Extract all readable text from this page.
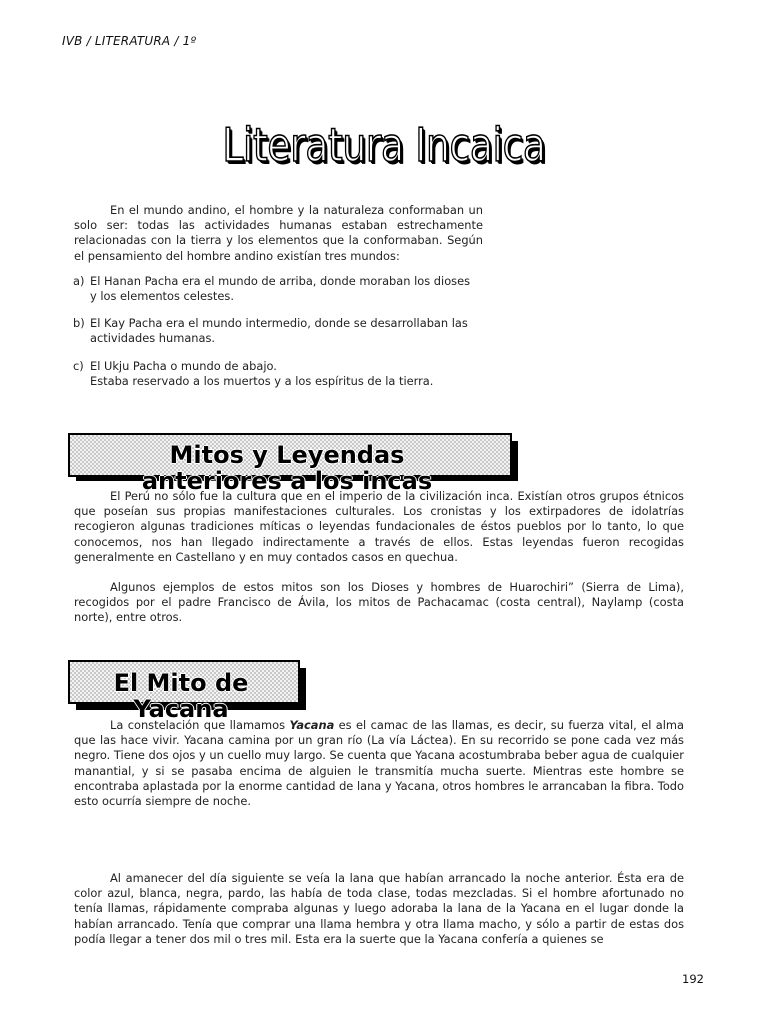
IVB / LITERATURA / 1º
Literatura Incaica

En el mundo andino, el hombre y la naturaleza conformaban un solo ser: todas las actividades humanas estaban estrechamente relacionadas con la tierra y los elementos que la conformaban. Según el pensamiento del hombre andino existían tres mundos:

a) El Hanan Pacha era el mundo de arriba, donde moraban los dioses
y los elementos celestes.
b) El Kay Pacha era el mundo intermedio, donde se desarrollaban las
actividades humanas.
c) El Ukju Pacha o mundo de abajo.
Estaba reservado a los muertos y a los espíritus de la tierra.
Mitos y Leyendas
anteriores a los incas

El Perú no sólo fue la cultura que en el imperio de la civilización inca. Existían otros grupos étnicos que poseían sus propias manifestaciones culturales. Los cronistas y los extirpadores de idolatrías recogieron algunas tradiciones míticas o leyendas fundacionales de éstos pueblos por lo tanto, lo que conocemos, nos han llegado indirectamente a través de ellos. Estas leyendas fueron recogidas generalmente en Castellano y en muy contados casos en quechua.

Algunos ejemplos de estos mitos son los Dioses y hombres de Huarochiri” (Sierra de Lima), recogidos por el padre Francisco de Ávila, los mitos de Pachacamac (costa central), Naylamp (costa norte), entre otros.

El Mito de
Yacana

La constelación que llamamos Yacana es el camac de las llamas, es decir, su fuerza vital, el alma que las hace vivir. Yacana camina por un gran río (La vía Láctea). En su recorrido se pone cada vez más negro. Tiene dos ojos y un cuello muy largo. Se cuenta que Yacana acostumbraba beber agua de cualquier manantial, y si se pasaba encima de alguien le transmitía mucha suerte. Mientras este hombre se encontraba aplastada por la enorme cantidad de lana y Yacana, otros hombres le arrancaban la fibra. Todo esto ocurría siempre de noche.

Al amanecer del día siguiente se veía la lana que habían arrancado la noche anterior. Ésta era de color azul, blanca, negra, pardo, las había de toda clase, todas mezcladas. Si el hombre afortunado no tenía llamas, rápidamente compraba algunas y luego adoraba la lana de la Yacana en el lugar donde la habían arrancado. Tenía que comprar una llama hembra y otra llama macho, y sólo a partir de estas dos podía llegar a tener dos mil o tres mil. Esta era la suerte que la Yacana confería a quienes se

192
